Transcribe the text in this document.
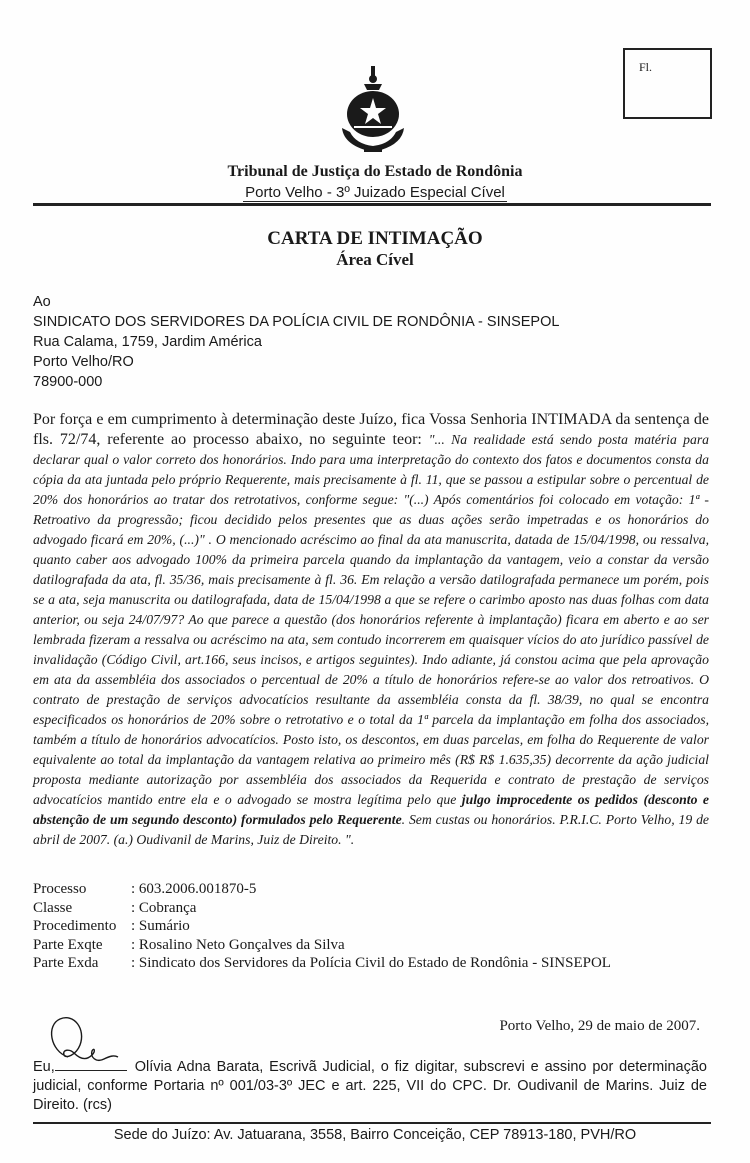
Fl.
Tribunal de Justiça do Estado de Rondônia
Porto Velho - 3º Juizado Especial Cível
CARTA DE INTIMAÇÃO
Área Cível
Ao
SINDICATO DOS SERVIDORES DA POLÍCIA CIVIL DE RONDÔNIA - SINSEPOL
Rua Calama, 1759, Jardim América
Porto Velho/RO
78900-000
Por força e em cumprimento à determinação deste Juízo, fica Vossa Senhoria INTIMADA da sentença de fls. 72/74, referente ao processo abaixo, no seguinte teor: "... Na realidade está sendo posta matéria para declarar qual o valor correto dos honorários. Indo para uma interpretação do contexto dos fatos e documentos consta da cópia da ata juntada pelo próprio Requerente, mais precisamente à fl. 11, que se passou a estipular sobre o percentual de 20% dos honorários ao tratar dos retrotativos, conforme segue: "(...) Após comentários foi colocado em votação: 1ª - Retroativo da progressão; ficou decidido pelos presentes que as duas ações serão impetradas e os honorários do advogado ficará em 20%, (...)" . O mencionado acréscimo ao final da ata manuscrita, datada de 15/04/1998, ou ressalva, quanto caber aos advogado 100% da primeira parcela quando da implantação da vantagem, veio a constar da versão datilografada da ata, fl. 35/36, mais precisamente à fl. 36. Em relação a versão datilografada permanece um porém, pois se a ata, seja manuscrita ou datilografada, data de 15/04/1998 a que se refere o carimbo aposto nas duas folhas com data anterior, ou seja 24/07/97? Ao que parece a questão (dos honorários referente à implantação) ficara em aberto e ao ser lembrada fizeram a ressalva ou acréscimo na ata, sem contudo incorrerem em quaisquer vícios do ato jurídico passível de invalidação (Código Civil, art.166, seus incisos, e artigos seguintes). Indo adiante, já constou acima que pela aprovação em ata da assembléia dos associados o percentual de 20% a título de honorários refere-se ao valor dos retroativos. O contrato de prestação de serviços advocatícios resultante da assembléia consta da fl. 38/39, no qual se encontra especificados os honorários de 20% sobre o retrotativo e o total da 1ª parcela da implantação em folha dos associados, também a título de honorários advocatícios. Posto isto, os descontos, em duas parcelas, em folha do Requerente de valor equivalente ao total da implantação da vantagem relativa ao primeiro mês (R$ R$ 1.635,35) decorrente da ação judicial proposta mediante autorização por assembléia dos associados da Requerida e contrato de prestação de serviços advocatícios mantido entre ela e o advogado se mostra legítima pelo que julgo improcedente os pedidos (desconto e abstenção de um segundo desconto) formulados pelo Requerente. Sem custas ou honorários. P.R.I.C. Porto Velho, 19 de abril de 2007. (a.) Oudivanil de Marins, Juiz de Direito. ".
Processo	: 603.2006.001870-5
Classe	: Cobrança
Procedimento : Sumário
Parte Exqte	: Rosalino Neto Gonçalves da Silva
Parte Exda	: Sindicato dos Servidores da Polícia Civil do Estado de Rondônia - SINSEPOL
Porto Velho, 29 de maio de 2007.
Eu,	Olívia Adna Barata, Escrivã Judicial, o fiz digitar, subscrevi e assino por determinação judicial, conforme Portaria nº 001/03-3º JEC e art. 225, VII do CPC. Dr. Oudivanil de Marins. Juiz de Direito. (rcs)
Sede do Juízo: Av. Jatuarana, 3558, Bairro Conceição, CEP 78913-180, PVH/RO
